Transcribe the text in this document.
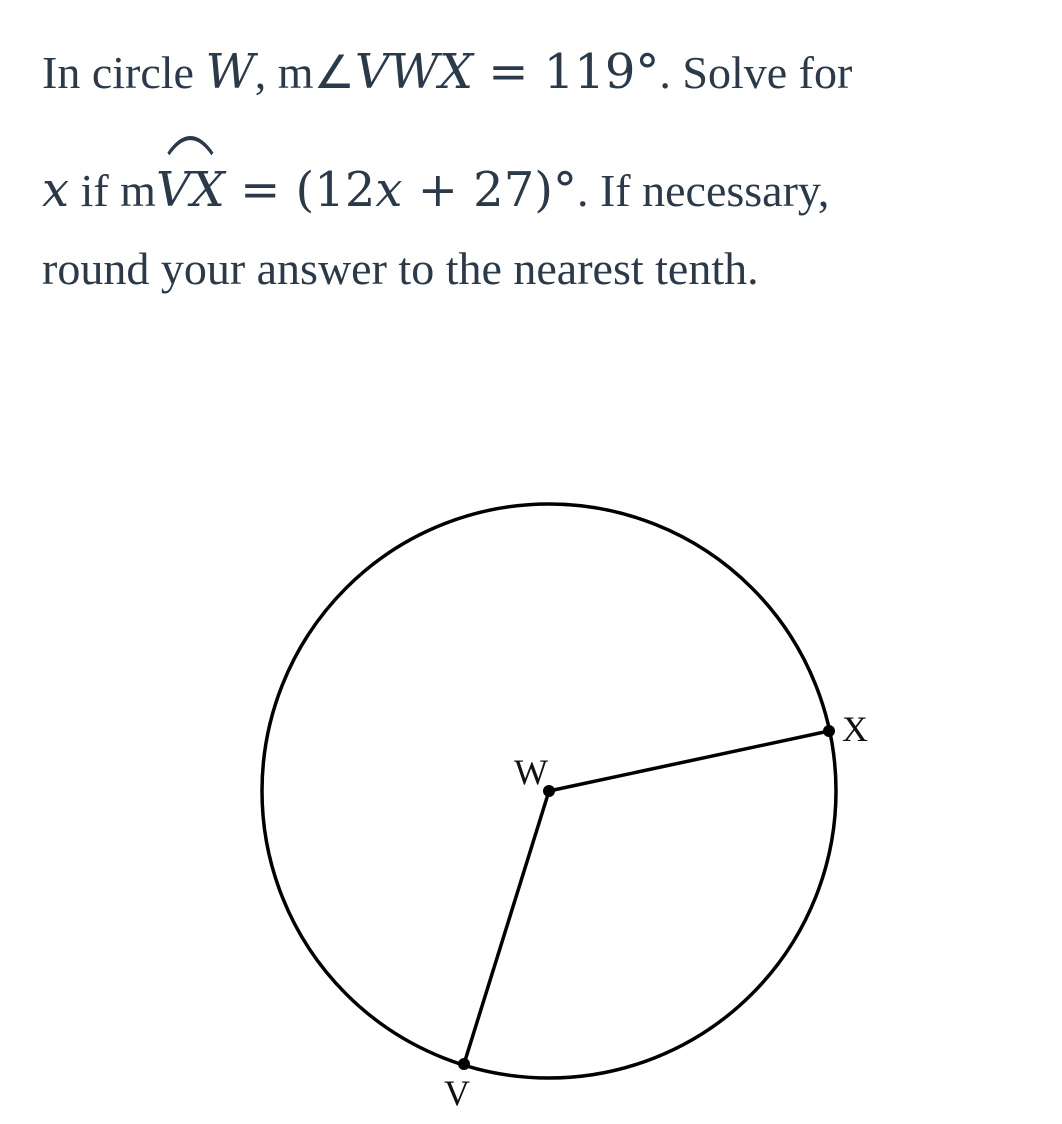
In circle W, m∠VWX = 119°. Solve for
x if m
VX = (12x + 27)°. If necessary,
round your answer to the nearest tenth.
W
X
V
